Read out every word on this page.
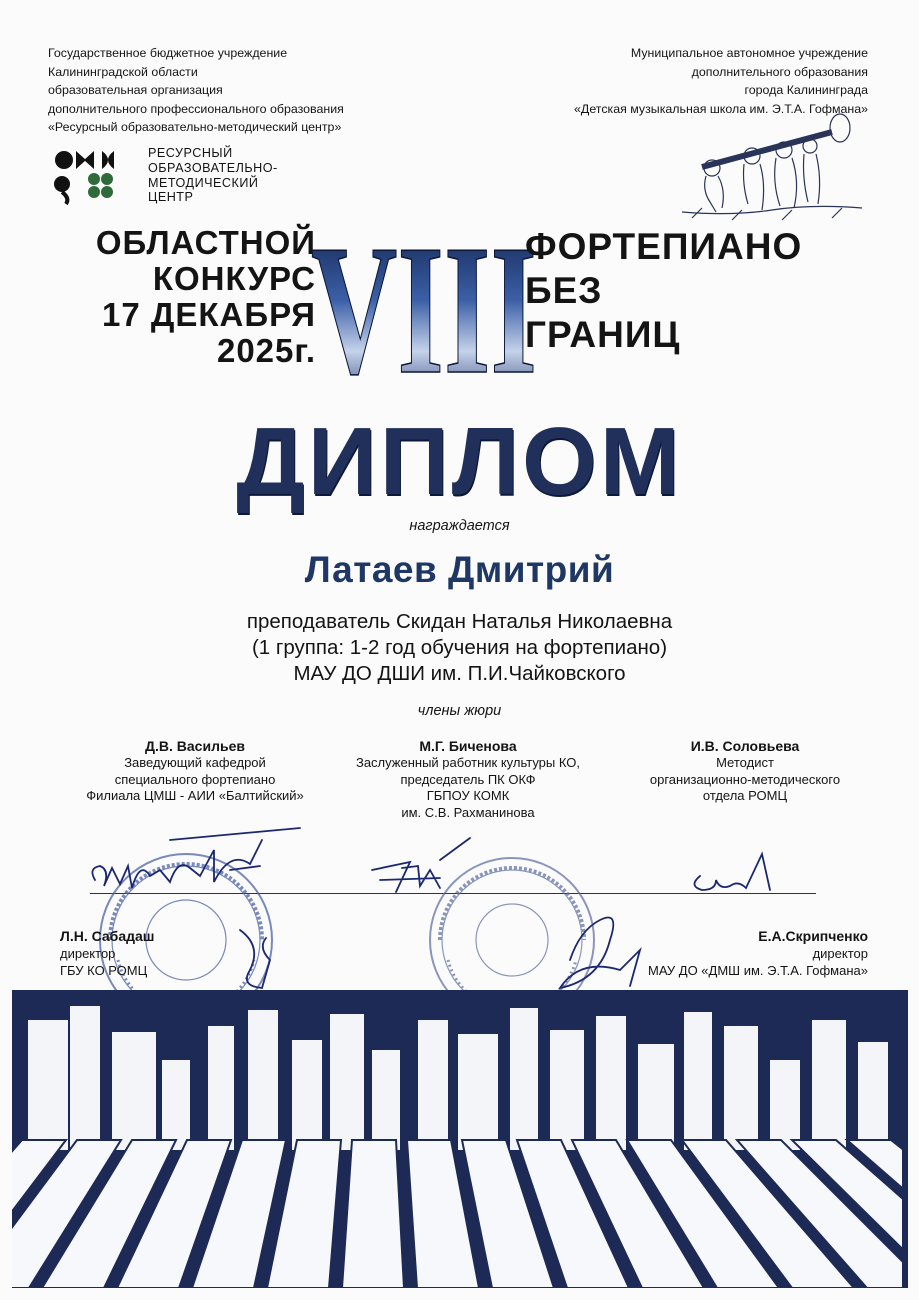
Государственное бюджетное учреждение
Калининградской области
образовательная организация
дополнительного профессионального образования
«Ресурсный образовательно-методический центр»
Муниципальное автономное учреждение
дополнительного образования
города Калининграда
«Детская музыкальная школа им. Э.Т.А. Гофмана»
РЕСУРСНЫЙ
ОБРАЗОВАТЕЛЬНО-
МЕТОДИЧЕСКИЙ
ЦЕНТР
ОБЛАСТНОЙ
КОНКУРС
17 ДЕКАБРЯ
2025г.
VIII
ФОРТЕПИАНО
БЕЗ
ГРАНИЦ
ДИПЛОМ
награждается
Латаев Дмитрий
преподаватель Скидан Наталья Николаевна
(1 группа: 1-2 год обучения на фортепиано)
МАУ ДО ДШИ им. П.И.Чайковского
члены жюри
Д.В. Васильев
Заведующий кафедрой
специального фортепиано
Филиала ЦМШ - АИИ «Балтийский»
М.Г. Биченова
Заслуженный работник культуры КО,
председатель ПК ОКФ
ГБПОУ КОМК
им. С.В. Рахманинова
И.В. Соловьева
Методист
организационно-методического
отдела РОМЦ
Л.Н. Сабадаш
директор
ГБУ КО РОМЦ
Е.А.Скрипченко
директор
МАУ ДО «ДМШ им. Э.Т.А. Гофмана»
